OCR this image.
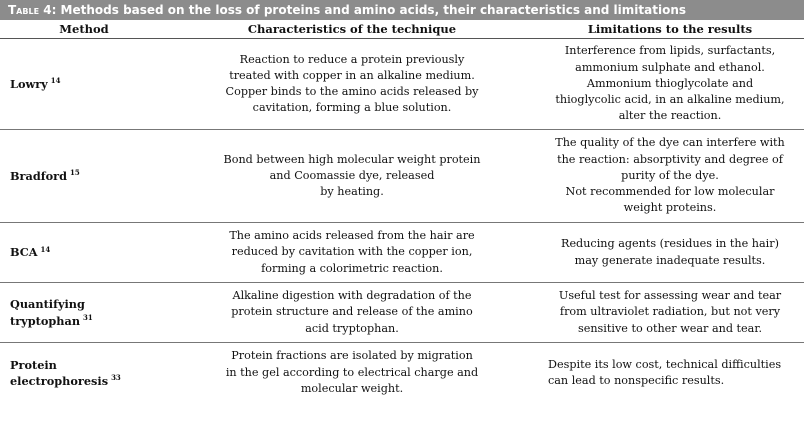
Table 4: Methods based on the loss of proteins and amino acids, their characteristics and limitations
Method	Characteristics of the technique	Limitations to the results
Lowry $^{14}$	Reaction to reduce a protein previously
treated with copper in an alkaline medium.
Copper binds to the amino acids released by
cavitation, forming a blue solution.	Interference from lipids, surfactants,
ammonium sulphate and ethanol.
Ammonium thioglycolate and
thioglycolic acid, in an alkaline medium,
alter the reaction.

Bradford $^{15}$	Bond between high molecular weight protein
and Coomassie dye, released
by heating.	The quality of the dye can interfere with
the reaction: absorptivity and degree of
purity of the dye.
Not recommended for low molecular
weight proteins.

BCA $^{14}$	The amino acids released from the hair are
reduced by cavitation with the copper ion,
forming a colorimetric reaction.	Reducing agents (residues in the hair)
may generate inadequate results.

Quantifying tryptophan $^{31}$	Alkaline digestion with degradation of the
protein structure and release of the amino
acid tryptophan.	Useful test for assessing wear and tear
from ultraviolet radiation, but not very
sensitive to other wear and tear.

Protein electrophoresis $^{33}$	Protein fractions are isolated by migration
in the gel according to electrical charge and
molecular weight.	Despite its low cost, technical difficulties
can lead to nonspecific results.
